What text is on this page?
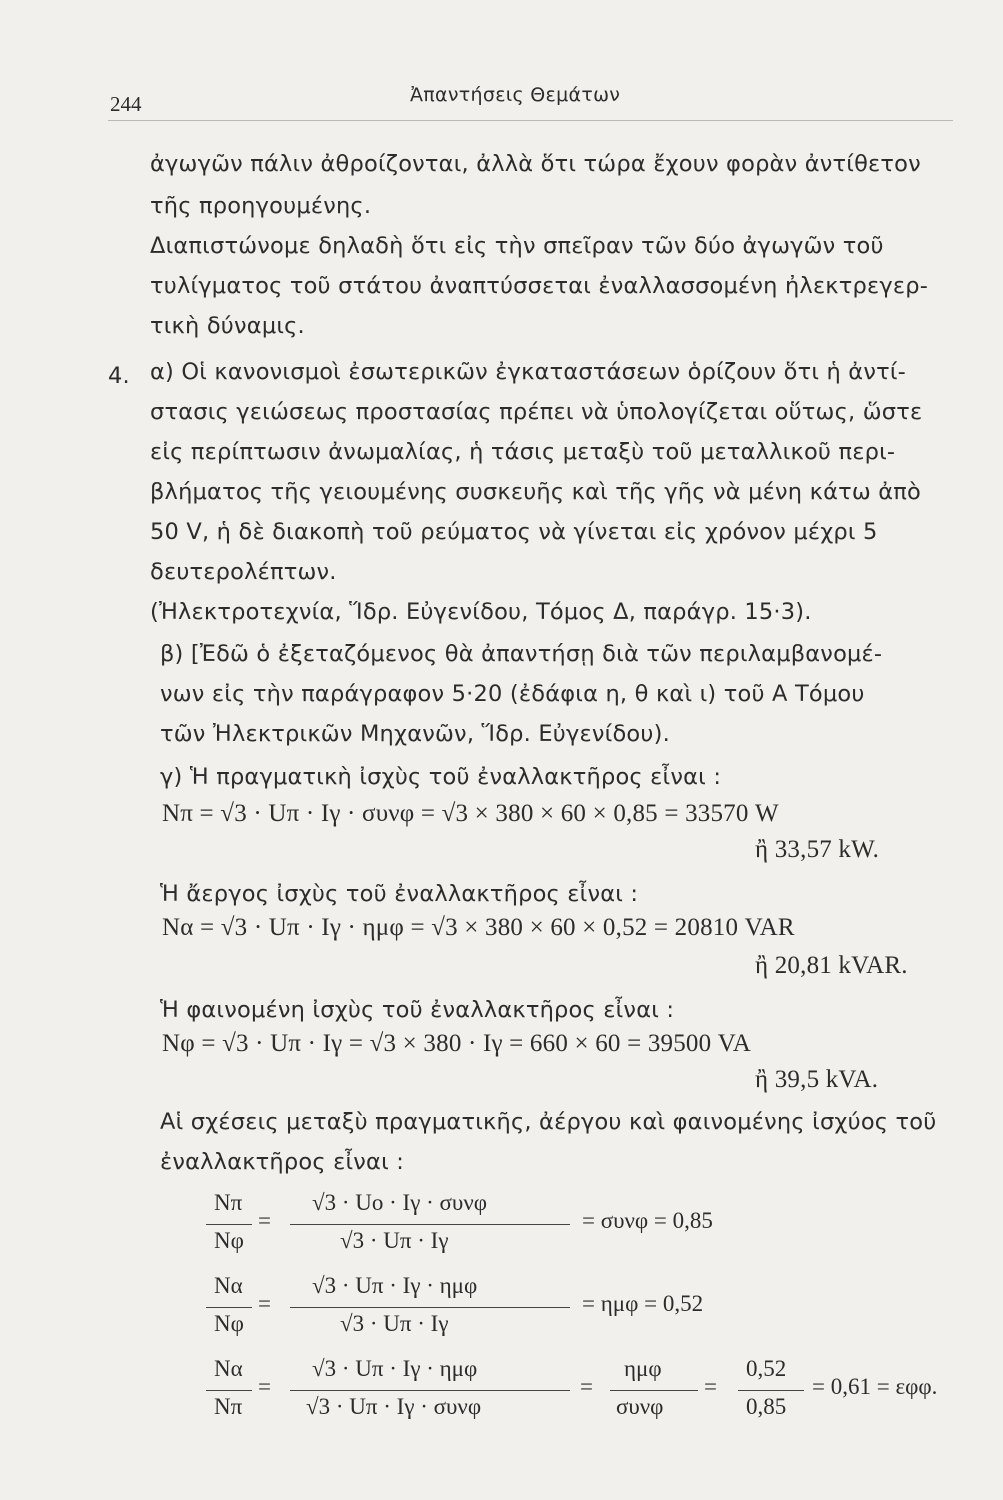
244	Ἀπαντήσεις Θεμάτων
ἀγωγῶν πάλιν ἀθροίζονται, ἀλλὰ ὅτι τώρα ἔχουν φορὰν ἀντίθετον
τῆς προηγουμένης.
Διαπιστώνομε δηλαδὴ ὅτι εἰς τὴν σπεῖραν τῶν δύο ἀγωγῶν τοῦ
τυλίγματος τοῦ στάτου ἀναπτύσσεται ἐναλλασσομένη ἠλεκτρεγερ-
τικὴ δύναμις.
4. α) Οἱ κανονισμοὶ ἐσωτερικῶν ἐγκαταστάσεων ὁρίζουν ὅτι ἡ ἀντί-
στασις γειώσεως προστασίας πρέπει νὰ ὑπολογίζεται οὕτως, ὥστε
εἰς περίπτωσιν ἀνωμαλίας, ἡ τάσις μεταξὺ τοῦ μεταλλικοῦ περι-
βλήματος τῆς γειουμένης συσκευῆς καὶ τῆς γῆς νὰ μένη κάτω ἀπὸ
50 V, ἡ δὲ διακοπὴ τοῦ ρεύματος νὰ γίνεται εἰς χρόνον μέχρι 5
δευτερολέπτων.
(Ἠλεκτροτεχνία, Ἵδρ. Εὐγενίδου, Τόμος Δ, παράγρ. 15·3).
β) [Ἐδῶ ὁ ἐξεταζόμενος θὰ ἀπαντήσῃ διὰ τῶν περιλαμβανομέ-
νων εἰς τὴν παράγραφον 5·20 (ἐδάφια η, θ καὶ ι) τοῦ Α Τόμου
τῶν Ἠλεκτρικῶν Μηχανῶν, Ἵδρ. Εὐγενίδου).
γ) Ἡ πραγματικὴ ἰσχὺς τοῦ ἐναλλακτῆρος εἶναι :
Nπ = √3 · Uπ · Iγ · συνφ = √3 × 380 × 60 × 0,85 = 33570 W
ἢ 33,57 kW.
Ἡ ἄεργος ἰσχὺς τοῦ ἐναλλακτῆρος εἶναι :
Nα = √3 · Uπ · Iγ · ημφ = √3 × 380 × 60 × 0,52 = 20810 VAR
ἢ 20,81 kVAR.
Ἡ φαινομένη ἰσχὺς τοῦ ἐναλλακτῆρος εἶναι :
Nφ = √3 · Uπ · Iγ = √3 × 380 · Iγ = 660 × 60 = 39500 VA
ἢ 39,5 kVA.
Αἱ σχέσεις μεταξὺ πραγματικῆς, ἀέργου καὶ φαινομένης ἰσχύος τοῦ
ἐναλλακτῆρος εἶναι :
Nπ
Nφ
=
√3 · Uo · Iγ · συνφ
√3 · Uπ · Iγ
= συνφ = 0,85
Nα
Nφ
=
√3 · Uπ · Iγ · ημφ
√3 · Uπ · Iγ
= ημφ = 0,52
Nα
Nπ
=
√3 · Uπ · Iγ · ημφ
√3 · Uπ · Iγ · συνφ
=
ημφ
συνφ
=
0,52
0,85
= 0,61 = εφφ.
